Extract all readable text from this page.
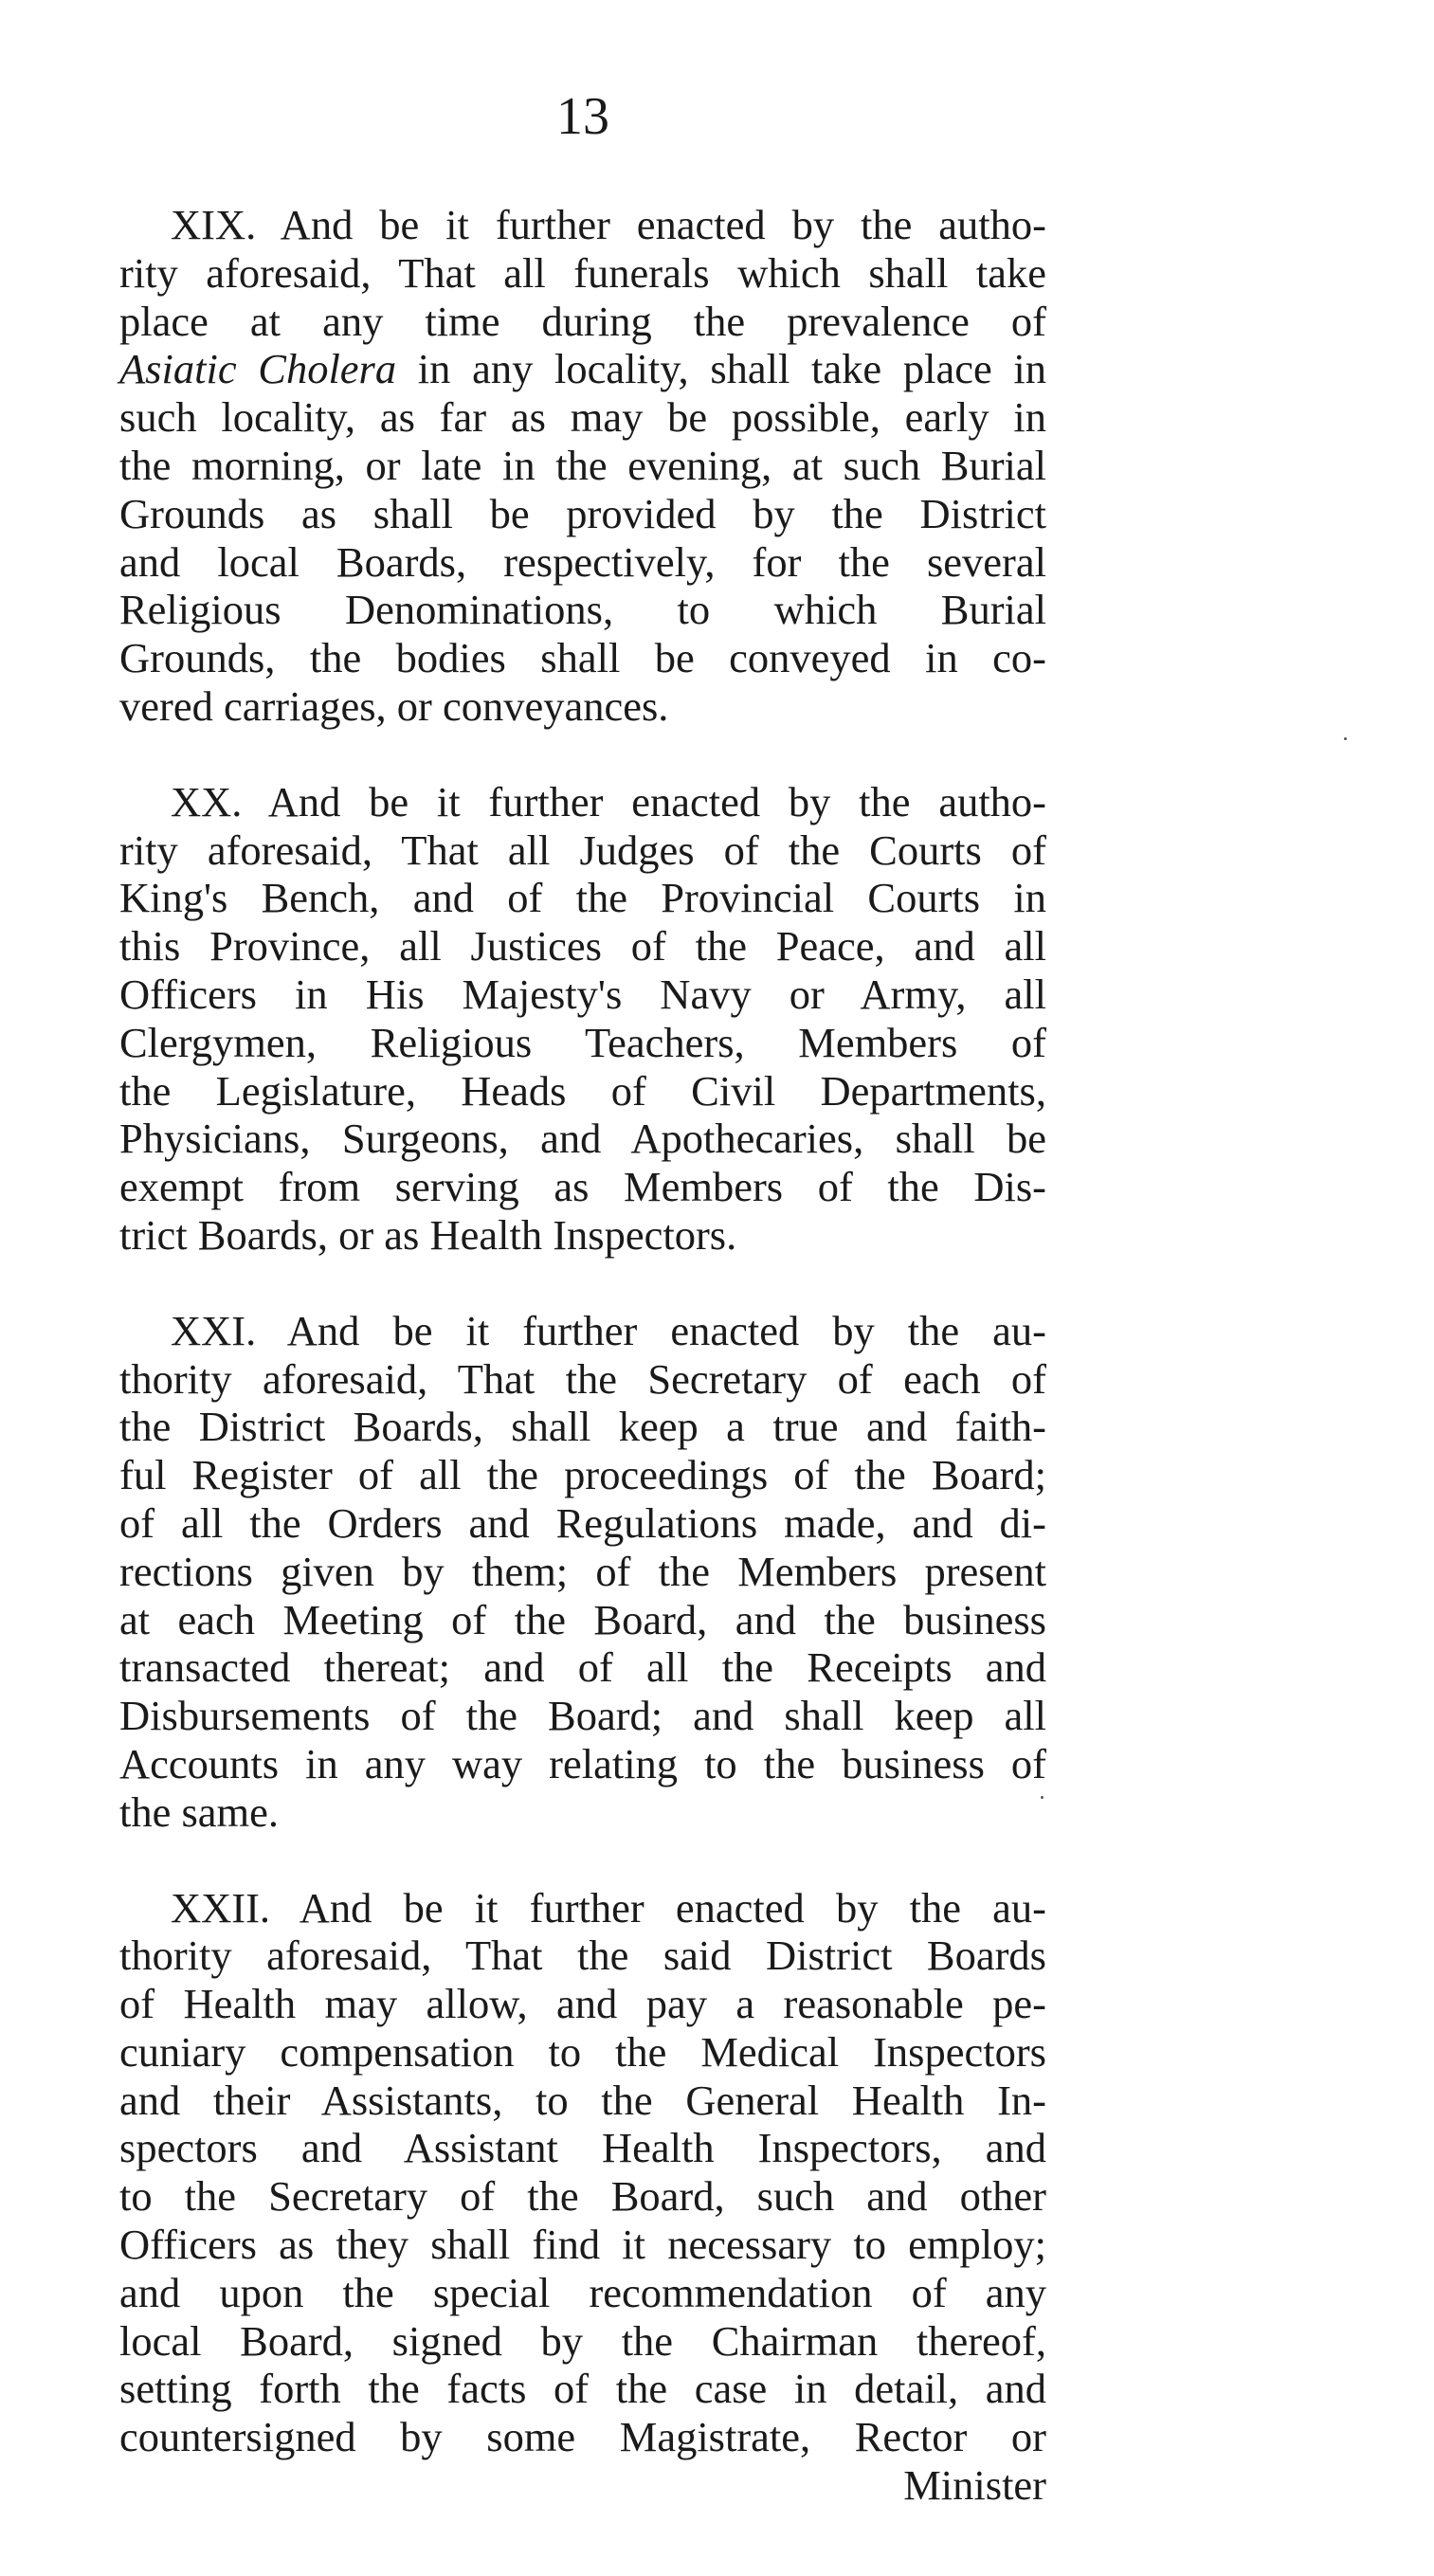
13

XIX. And be it further enacted by the autho-
rity aforesaid, That all funerals which shall take
place at any time during the prevalence of
Asiatic Cholera in any locality, shall take place in
such locality, as far as may be possible, early in
the morning, or late in the evening, at such Burial
Grounds as shall be provided by the District
and local Boards, respectively, for the several
Religious Denominations, to which Burial
Grounds, the bodies shall be conveyed in co-
vered carriages, or conveyances.

XX. And be it further enacted by the autho-
rity aforesaid, That all Judges of the Courts of
King's Bench, and of the Provincial Courts in
this Province, all Justices of the Peace, and all
Officers in His Majesty's Navy or Army, all
Clergymen, Religious Teachers, Members of
the Legislature, Heads of Civil Departments,
Physicians, Surgeons, and Apothecaries, shall be
exempt from serving as Members of the Dis-
trict Boards, or as Health Inspectors.

XXI. And be it further enacted by the au-
thority aforesaid, That the Secretary of each of
the District Boards, shall keep a true and faith-
ful Register of all the proceedings of the Board;
of all the Orders and Regulations made, and di-
rections given by them; of the Members present
at each Meeting of the Board, and the business
transacted thereat; and of all the Receipts and
Disbursements of the Board; and shall keep all
Accounts in any way relating to the business of
the same.

XXII. And be it further enacted by the au-
thority aforesaid, That the said District Boards
of Health may allow, and pay a reasonable pe-
cuniary compensation to the Medical Inspectors
and their Assistants, to the General Health In-
spectors and Assistant Health Inspectors, and
to the Secretary of the Board, such and other
Officers as they shall find it necessary to employ;
and upon the special recommendation of any
local Board, signed by the Chairman thereof,
setting forth the facts of the case in detail, and
countersigned by some Magistrate, Rector or
Minister
